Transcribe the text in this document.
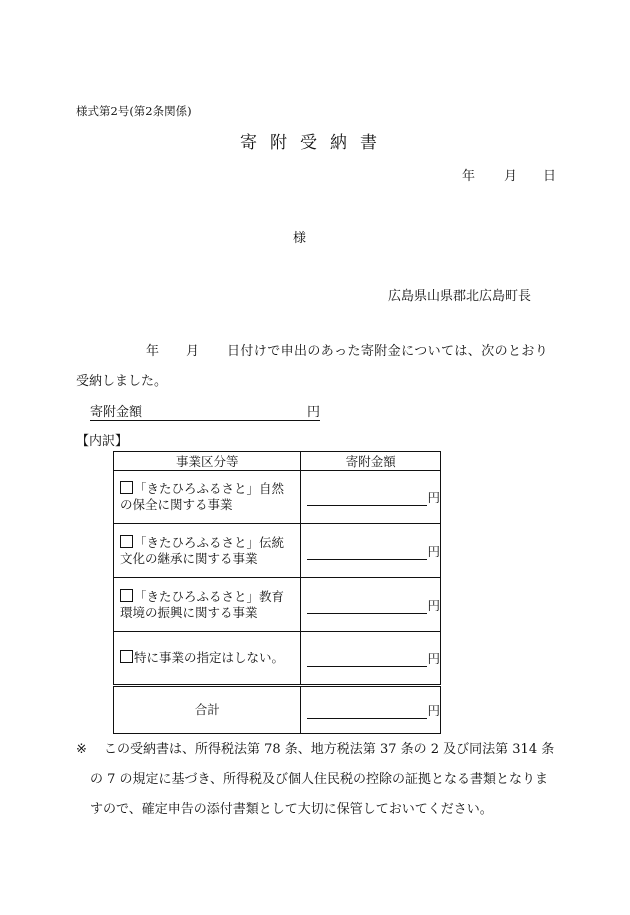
様式第2号(第2条関係)
寄附受納書
年 月 日
様
広島県山県郡北広島町長
年 月 日付けで申出のあった寄附金については、次のとおり
受納しました。
寄附金額	円
【内訳】
事業区分等	寄附金額
「きたひろふるさと」自然の保全に関する事業	円
「きたひろふるさと」伝統文化の継承に関する事業	円
「きたひろふるさと」教育環境の振興に関する事業	円
特に事業の指定はしない。	円
合計	円
※	この受納書は、所得税法第 78 条、地方税法第 37 条の 2 及び同法第 314 条の 7 の規定に基づき、所得税及び個人住民税の控除の証拠となる書類となりますので、確定申告の添付書類として大切に保管しておいてください。
